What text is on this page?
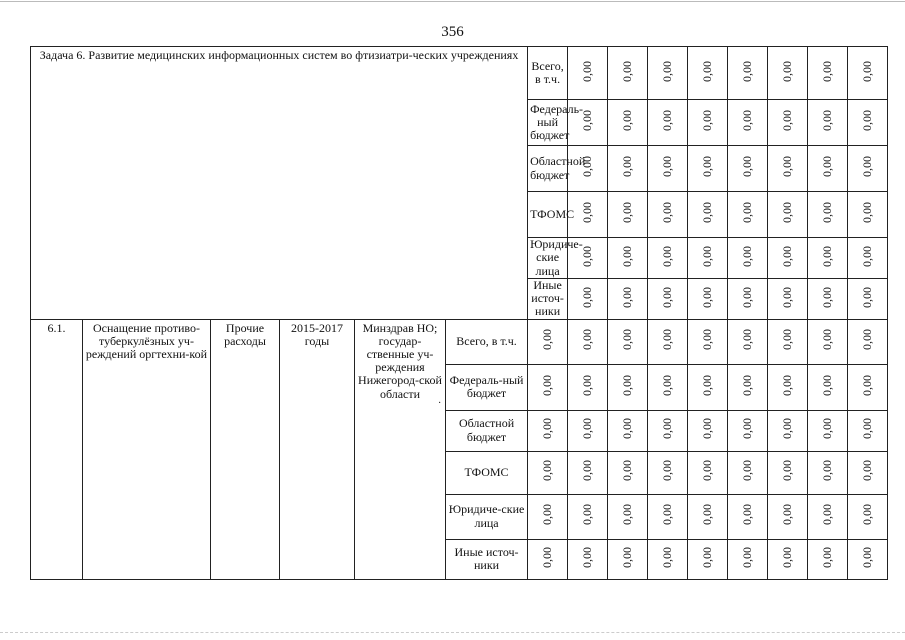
356
Задача 6. Развитие медицинских информационных систем во фтизиатри-ческих учреждениях						Всего, в т.ч.	0,00	0,00	0,00	0,00	0,00	0,00	0,00	0,00	

						Федераль-ный бюджет	0,00	0,00	0,00	0,00	0,00	0,00	0,00	0,00	

						Областной бюджет	0,00	0,00	0,00	0,00	0,00	0,00	0,00	0,00	

						ТФОМС	0,00	0,00	0,00	0,00	0,00	0,00	0,00	0,00	

						Юридиче-ские лица	0,00	0,00	0,00	0,00	0,00	0,00	0,00	0,00	

						Иные источ-ники	0,00	0,00	0,00	0,00	0,00	0,00	0,00	0,00	

6.1.	Оснащение противо-туберкулёзных уч-реждений оргтехни-кой	Прочие расходы	2015-2017 годы	Минздрав НО; государ-ственные уч-реждения Нижегород-ской области	Всего, в т.ч.	0,00	0,00	0,00	0,00	0,00	0,00	0,00	0,00	0,00	

					Федераль-ный бюджет	0,00	0,00	0,00	0,00	0,00	0,00	0,00	0,00	0,00	

					Областной бюджет	0,00	0,00	0,00	0,00	0,00	0,00	0,00	0,00	0,00	

					ТФОМС	0,00	0,00	0,00	0,00	0,00	0,00	0,00	0,00	0,00	

					Юридиче-ские лица	0,00	0,00	0,00	0,00	0,00	0,00	0,00	0,00	0,00	

					Иные источ-ники	0,00	0,00	0,00	0,00	0,00	0,00	0,00	0,00	0,00	
·
